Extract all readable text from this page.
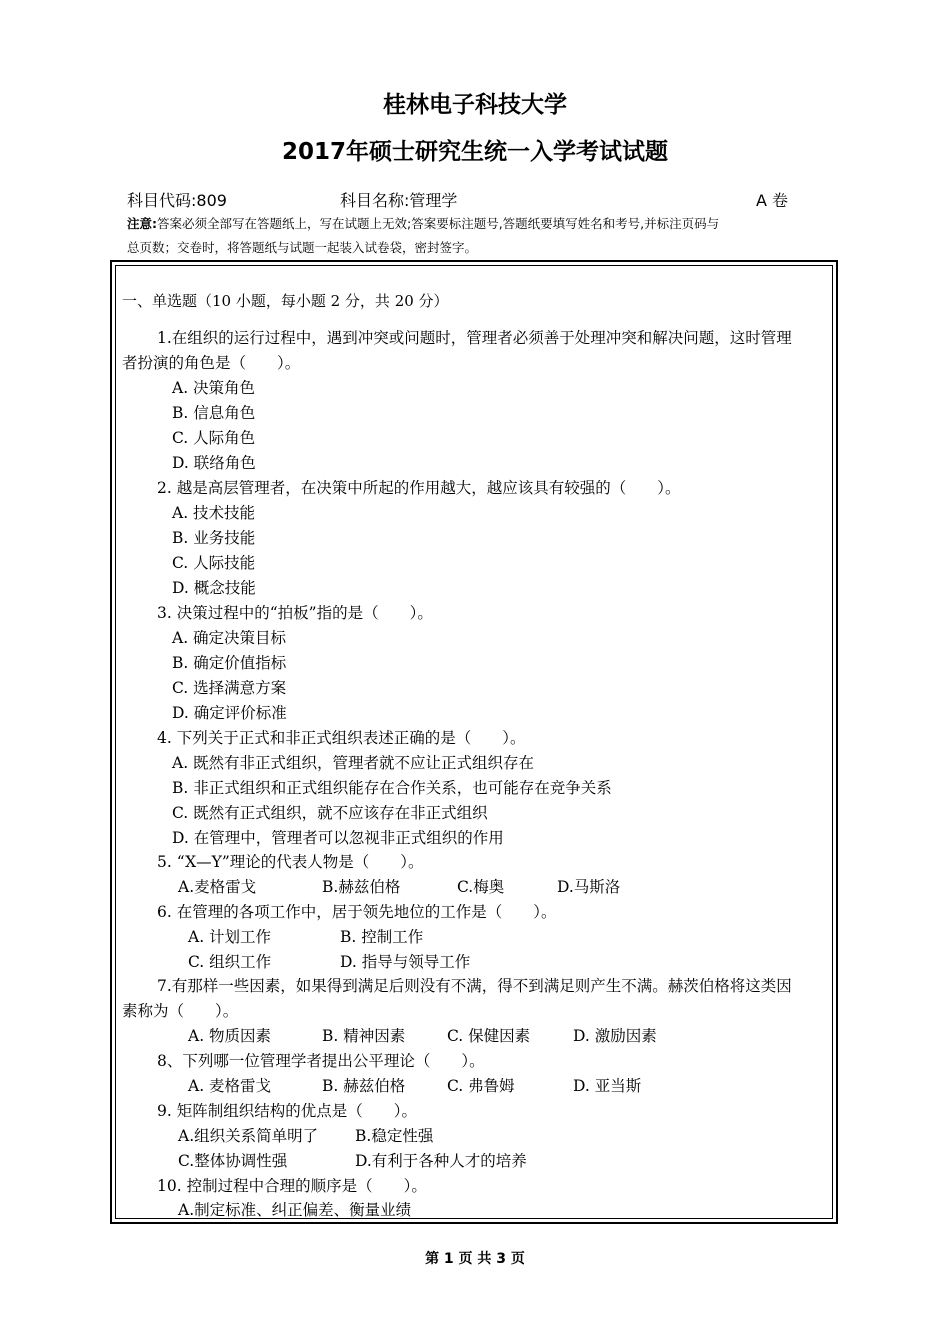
桂林电子科技大学
2017年硕士研究生统一入学考试试题
科目代码:809	科目名称:管理学	A 卷
注意:答案必须全部写在答题纸上，写在试题上无效;答案要标注题号,答题纸要填写姓名和考号,并标注页码与
总页数；交卷时，将答题纸与试题一起装入试卷袋，密封签字。
一、单选题（10 小题，每小题 2 分，共 20 分）
1.在组织的运行过程中，遇到冲突或问题时，管理者必须善于处理冲突和解决问题，这时管理
者扮演的角色是（　　）。
A. 决策角色
B. 信息角色
C. 人际角色
D. 联络角色
2. 越是高层管理者，在决策中所起的作用越大，越应该具有较强的（　　）。
A. 技术技能
B. 业务技能
C. 人际技能
D. 概念技能
3. 决策过程中的“拍板”指的是（　　）。
A. 确定决策目标
B. 确定价值指标
C. 选择满意方案
D. 确定评价标准
4. 下列关于正式和非正式组织表述正确的是（　　）。
A. 既然有非正式组织，管理者就不应让正式组织存在
B. 非正式组织和正式组织能存在合作关系，也可能存在竞争关系
C. 既然有正式组织，就不应该存在非正式组织
D. 在管理中，管理者可以忽视非正式组织的作用
5. “X—Y”理论的代表人物是（　　）。
A.麦格雷戈	B.赫兹伯格	C.梅奥	D.马斯洛
6. 在管理的各项工作中，居于领先地位的工作是（　　）。
A. 计划工作	B. 控制工作
C. 组织工作	D. 指导与领导工作
7.有那样一些因素，如果得到满足后则没有不满，得不到满足则产生不满。赫茨伯格将这类因
素称为（　　）。
A. 物质因素	B. 精神因素	C. 保健因素	D. 激励因素
8、下列哪一位管理学者提出公平理论（　　）。
A. 麦格雷戈	B. 赫兹伯格	C. 弗鲁姆	D. 亚当斯
9. 矩阵制组织结构的优点是（　　）。
A.组织关系简单明了 B.稳定性强
C.整体协调性强	D.有利于各种人才的培养
10. 控制过程中合理的顺序是（　　）。
A.制定标准、纠正偏差、衡量业绩
第 1 页 共 3 页
